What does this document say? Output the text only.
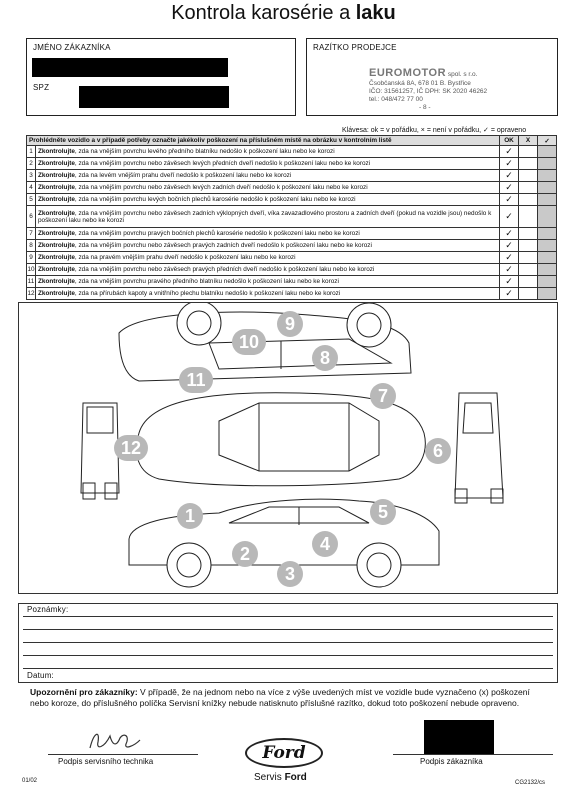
Kontrola karosérie a laku
JMÉNO ZÁKAZNÍKA
SPZ
RAZÍTKO PRODEJCE
EUROMOTOR spol. s r.o.
Čsobčanská 8A, 678 01 B. Bystřice
IČO: 31561257, IČ DPH: SK 2020 46262
tel.: 048/472 77 00
- 8 -
Klávesa: ok = v pořádku, × = není v pořádku, ✓ = opraveno
Prohlédněte vozidlo a v případě potřeby označte jakékoliv poškození na příslušném místě na obrázku v kontrolním listě		OK	X	✓
1	Zkontrolujte, zda na vnějším povrchu levého předního blatníku nedošlo k poškození laku nebo ke korozi	✓		
2	Zkontrolujte, zda na vnějším povrchu nebo závěsech levých předních dveří nedošlo k poškození laku nebo ke korozi	✓		
3	Zkontrolujte, zda na levém vnějším prahu dveří nedošlo k poškození laku nebo ke korozi	✓		
4	Zkontrolujte, zda na vnějším povrchu nebo závěsech levých zadních dveří nedošlo k poškození laku nebo ke korozi	✓		
5	Zkontrolujte, zda na vnějším povrchu levých bočních plechů karosérie nedošlo k poškození laku nebo ke korozi	✓		
6	Zkontrolujte, zda na vnějším povrchu nebo závěsech zadních výklopných dveří, víka zavazadlového prostoru a zadních dveří (pokud na vozidle jsou) nedošlo k poškození laku nebo ke korozi	✓		
7	Zkontrolujte, zda na vnějším povrchu pravých bočních plechů karosérie nedošlo k poškození laku nebo ke korozi	✓		
8	Zkontrolujte, zda na vnějším povrchu nebo závěsech pravých zadních dveří nedošlo k poškození laku nebo ke korozi	✓		
9	Zkontrolujte, zda na pravém vnějším prahu dveří nedošlo k poškození laku nebo ke korozi	✓		
10	Zkontrolujte, zda na vnějším povrchu nebo závěsech pravých předních dveří nedošlo k poškození laku nebo ke korozi	✓		
11	Zkontrolujte, zda na vnějším povrchu pravého předního blatníku nedošlo k poškození laku nebo ke korozi	✓		
12	Zkontrolujte, zda na přírubách kapoty a vnitřního plechu blatníku nedošlo k poškození laku nebo ke korozi	✓		
1
2
3
4
5
6
7
8
9
10
11
12
Poznámky:
Datum:
Upozornění pro zákazníky: V případě, že na jednom nebo na více z výše uvedených míst ve vozidle bude vyznačeno (x) poškození nebo koroze, do příslušného políčka Servisní knížky nebude natisknuto příslušné razítko, dokud toto poškození nebude opraveno.
Podpis servisního technika	Podpis zákazníka
Ford
Servis Ford
01/02	CG2132/cs
